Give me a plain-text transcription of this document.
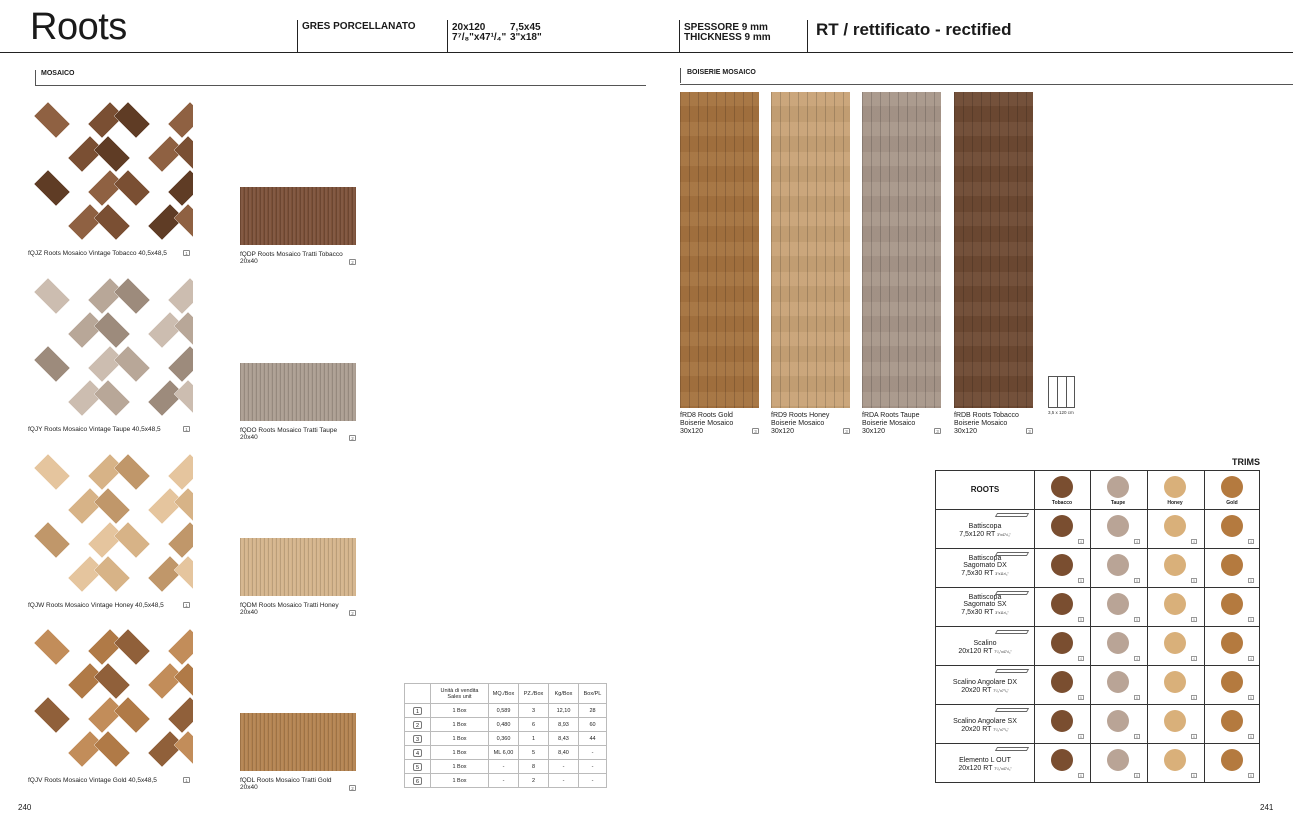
Roots	GRES PORCELLANATO	20x120
7⁷/₈"x47¹/₄"
7,5x45
3"x18"
SPESSORE 9 mm
THICKNESS 9 mm	RT / rettificato - rectified
MOSAICO	BOISERIE MOSAICO
fQJZ Roots Mosaico Vintage Tobacco 40,5x48,5	1
fQJY Roots Mosaico Vintage Taupe 40,5x48,5	1
fQJW Roots Mosaico Vintage Honey 40,5x48,5	1
fQJV Roots Mosaico Vintage Gold 40,5x48,5	1
fQDP Roots Mosaico Tratti Tobacco
20x40	2
fQDO Roots Mosaico Tratti Taupe
20x40	2
fQDM Roots Mosaico Tratti Honey
20x40	2
fQDL Roots Mosaico Tratti Gold
20x40	2
fRD8 Roots Gold
Boiserie Mosaico
30x120	3
fRD9 Roots Honey
Boiserie Mosaico
30x120	3
fRDA Roots Taupe
Boiserie Mosaico
30x120	3
fRDB Roots Tobacco
Boiserie Mosaico
30x120	3
3,5 x 120 cm
	Unità di vendita
Sales unit	MQ./Box	PZ./Box	Kg/Box	Box/PL
1	1 Box	0,589	3	12,10	28
2	1 Box	0,480	6	8,93	60
3	1 Box	0,360	1	8,43	44
4	1 Box	ML 6,00	5	8,40	-
5	1 Box	-	8	-	-
6	1 Box	-	2	-	-
TRIMS
ROOTS
Tobacco	Taupe	Honey	Gold
Battiscopa
7,5x120 RT 3"x47¹/₄"
4	4	4	4
Battiscopa
Sagomato DX
7,5x30 RT 3"x11³/₄"
5	5	5	5
Battiscopa
Sagomato SX
7,5x30 RT 3"x11³/₄"
5	5	5	5
Scalino
20x120 RT 7⁷/₈"x47¹/₄"
4	4	4	4
Scalino Angolare DX
20x20 RT 7⁷/₈"x7⁷/₈"
6	6	6	6
Scalino Angolare SX
20x20 RT 7⁷/₈"x7⁷/₈"
6	6	6	6
Elemento L OUT
20x120 RT 7⁷/₈"x47¹/₄"
6	6	6	6
240	241
